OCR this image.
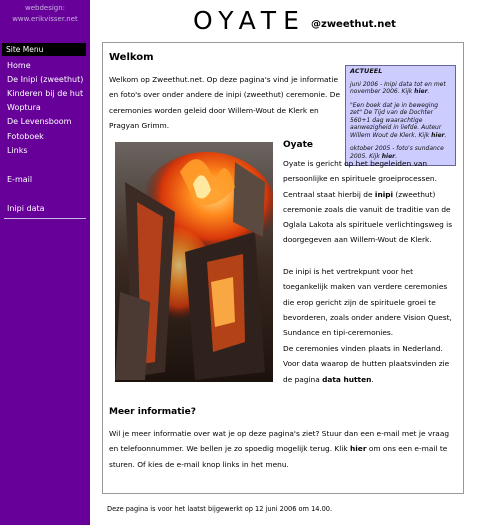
webdesign:
www.erikvisser.net
Site Menu
Home
De Inipi (zweethut)
Kinderen bij de hut
Woptura
De Levensboom
Fotoboek
Links
E-mail
Inipi data
OYATE @zweethut.net
Welkom

Welkom op Zweethut.net. Op deze pagina's vind je informatie en foto's over onder andere de inipi (zweethut) ceremonie. De ceremonies worden geleid door Willem-Wout de Klerk en Pragyan Grimm.

ACTUEEL

juni 2006 - Inipi data tot en met november 2006. Kijk hier.

"Een boek dat je in beweging zet" De Tijd van de Dochter 560+1 dag waarachtige aanwezigheid in liefde. Auteur Willem Wout de Klerk. Kijk hier.

oktober 2005 - foto's sundance 2005. Kijk hier.

Oyate

Oyate is gericht op het begeleiden van persoonlijke en spirituele groeiprocessen. Centraal staat hierbij de inipi (zweethut) ceremonie zoals die vanuit de traditie van de Oglala Lakota als spirituele verlichtingsweg is doorgegeven aan Willem-Wout de Klerk.

De inipi is het vertrekpunt voor het toegankelijk maken van verdere ceremonies die erop gericht zijn de spirituele groei te bevorderen, zoals onder andere Vision Quest, Sundance en tipi-ceremonies.

De ceremonies vinden plaats in Nederland. Voor data waarop de hutten plaatsvinden zie de pagina data hutten.

Meer informatie?

Wil je meer informatie over wat je op deze pagina's ziet? Stuur dan een e-mail met je vraag en telefoonnummer. We bellen je zo spoedig mogelijk terug. Klik hier om ons een e-mail te sturen. Of kies de e-mail knop links in het menu.

Deze pagina is voor het laatst bijgewerkt op 12 juni 2006 om 14.00.
